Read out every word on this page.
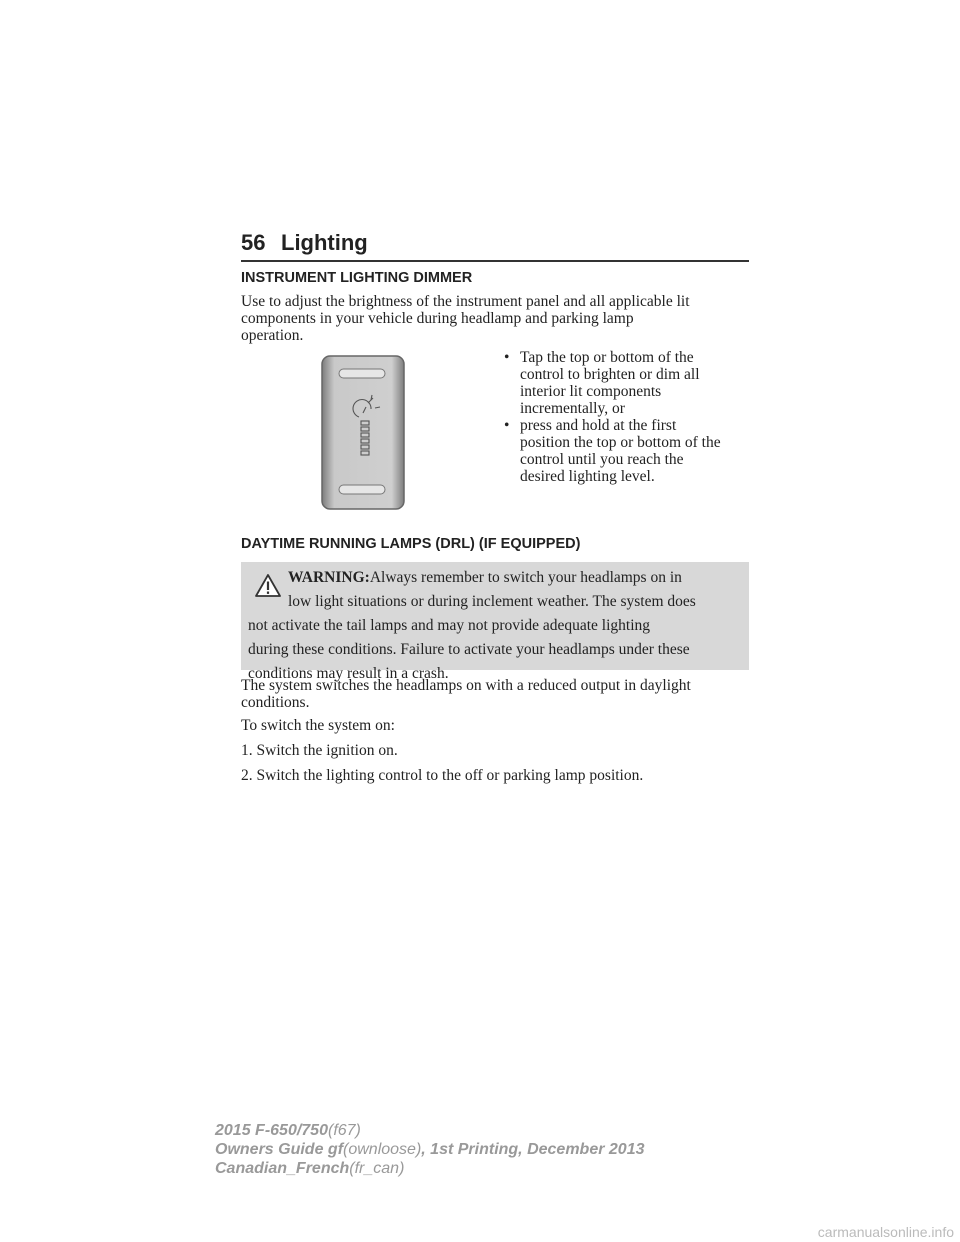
56 Lighting
INSTRUMENT LIGHTING DIMMER
Use to adjust the brightness of the instrument panel and all applicable lit
components in your vehicle during headlamp and parking lamp
operation.
• Tap the top or bottom of the
control to brighten or dim all
interior lit components
incrementally, or
• press and hold at the first
position the top or bottom of the
control until you reach the
desired lighting level.
DAYTIME RUNNING LAMPS (DRL) (IF EQUIPPED)
WARNING:Always remember to switch your headlamps on in
low light situations or during inclement weather. The system does
not activate the tail lamps and may not provide adequate lighting
during these conditions. Failure to activate your headlamps under these
conditions may result in a crash.
The system switches the headlamps on with a reduced output in daylight
conditions.
To switch the system on:
1. Switch the ignition on.
2. Switch the lighting control to the off or parking lamp position.
2015 F-650/750(f67)
Owners Guide gf(ownloose), 1st Printing, December 2013
Canadian_French(fr_can)
carmanualsonline.info
